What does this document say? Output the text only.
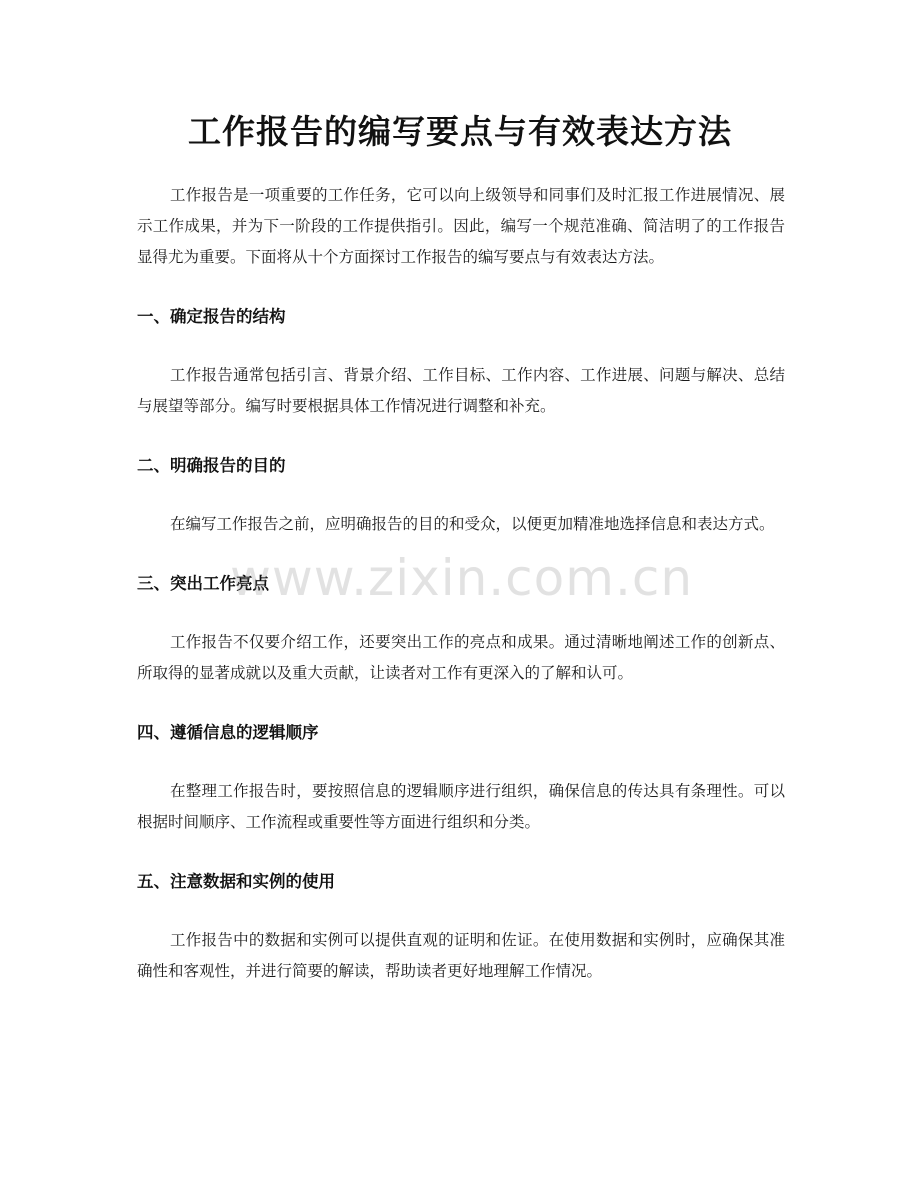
工作报告的编写要点与有效表达方法

工作报告是一项重要的工作任务，它可以向上级领导和同事们及时汇报工作进展情况、展示工作成果，并为下一阶段的工作提供指引。因此，编写一个规范准确、简洁明了的工作报告显得尤为重要。下面将从十个方面探讨工作报告的编写要点与有效表达方法。

一、确定报告的结构

工作报告通常包括引言、背景介绍、工作目标、工作内容、工作进展、问题与解决、总结与展望等部分。编写时要根据具体工作情况进行调整和补充。

二、明确报告的目的

在编写工作报告之前，应明确报告的目的和受众，以便更加精准地选择信息和表达方式。

三、突出工作亮点

工作报告不仅要介绍工作，还要突出工作的亮点和成果。通过清晰地阐述工作的创新点、所取得的显著成就以及重大贡献，让读者对工作有更深入的了解和认可。

四、遵循信息的逻辑顺序

在整理工作报告时，要按照信息的逻辑顺序进行组织，确保信息的传达具有条理性。可以根据时间顺序、工作流程或重要性等方面进行组织和分类。

五、注意数据和实例的使用

工作报告中的数据和实例可以提供直观的证明和佐证。在使用数据和实例时，应确保其准确性和客观性，并进行简要的解读，帮助读者更好地理解工作情况。

www.zixin.com.cn
